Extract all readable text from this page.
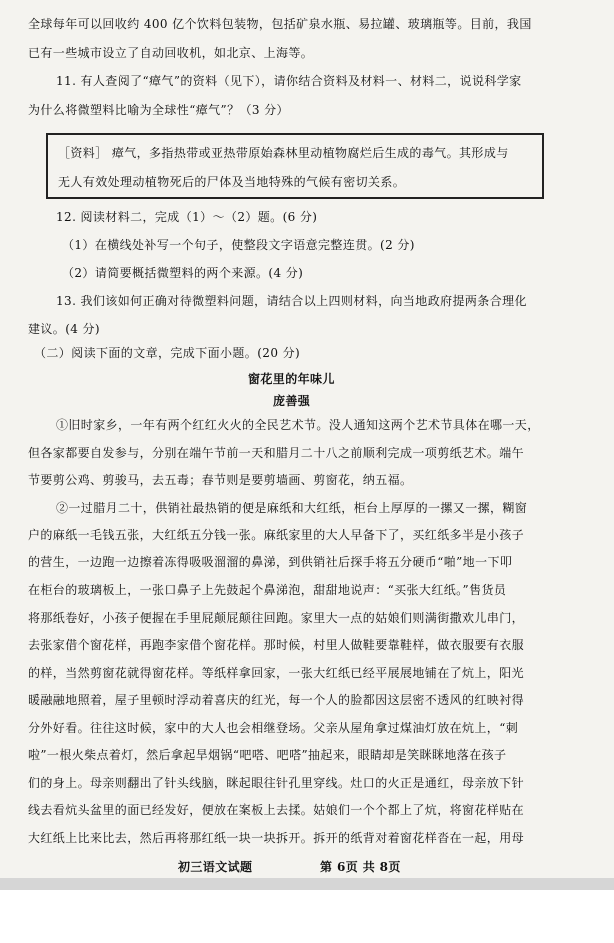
全球每年可以回收约 400 亿个饮料包装物，包括矿泉水瓶、易拉罐、玻璃瓶等。目前，我国
已有一些城市设立了自动回收机，如北京、上海等。
11. 有人查阅了“瘴气”的资料（见下），请你结合资料及材料一、材料二，说说科学家
为什么将微塑料比喻为全球性“瘴气”？（3 分）
［资料］ 瘴气，多指热带或亚热带原始森林里动植物腐烂后生成的毒气。其形成与
无人有效处理动植物死后的尸体及当地特殊的气候有密切关系。
12. 阅读材料二，完成（1）～（2）题。(6 分)
（1）在横线处补写一个句子，使整段文字语意完整连贯。(2 分)
（2）请简要概括微塑料的两个来源。(4 分)
13. 我们该如何正确对待微塑料问题，请结合以上四则材料，向当地政府提两条合理化
建议。(4 分)
（二）阅读下面的文章，完成下面小题。(20 分)
窗花里的年味儿
庞善强
①旧时家乡，一年有两个红红火火的全民艺术节。没人通知这两个艺术节具体在哪一天，
但各家都要自发参与，分别在端午节前一天和腊月二十八之前顺利完成一项剪纸艺术。端午
节要剪公鸡、剪骏马，去五毒；春节则是要剪墙画、剪窗花，纳五福。
②一过腊月二十，供销社最热销的便是麻纸和大红纸，柜台上厚厚的一摞又一摞，糊窗
户的麻纸一毛钱五张，大红纸五分钱一张。麻纸家里的大人早备下了，买红纸多半是小孩子
的营生，一边跑一边擦着冻得吸吸溜溜的鼻涕，到供销社后探手将五分硬币“啪”地一下叩
在柜台的玻璃板上，一张口鼻子上先鼓起个鼻涕泡，甜甜地说声：“买张大红纸。”售货员
将那纸卷好，小孩子便握在手里屁颠屁颠往回跑。家里大一点的姑娘们则满街撒欢儿串门，
去张家借个窗花样，再跑李家借个窗花样。那时候，村里人做鞋要靠鞋样，做衣服要有衣服
的样，当然剪窗花就得窗花样。等纸样拿回家，一张大红纸已经平展展地铺在了炕上，阳光
暖融融地照着，屋子里顿时浮动着喜庆的红光，每一个人的脸都因这层密不透风的红映衬得
分外好看。往往这时候，家中的大人也会相继登场。父亲从屋角拿过煤油灯放在炕上，“刺
啦”一根火柴点着灯，然后拿起旱烟锅“吧嗒、吧嗒”抽起来，眼睛却是笑眯眯地落在孩子
们的身上。母亲则翻出了针头线脑，眯起眼往针孔里穿线。灶口的火正是通红，母亲放下针
线去看炕头盆里的面已经发好，便放在案板上去揉。姑娘们一个个都上了炕，将窗花样贴在
大红纸上比来比去，然后再将那红纸一块一块拆开。拆开的纸背对着窗花样沓在一起，用母
初三语文试题	第 6页 共 8页
